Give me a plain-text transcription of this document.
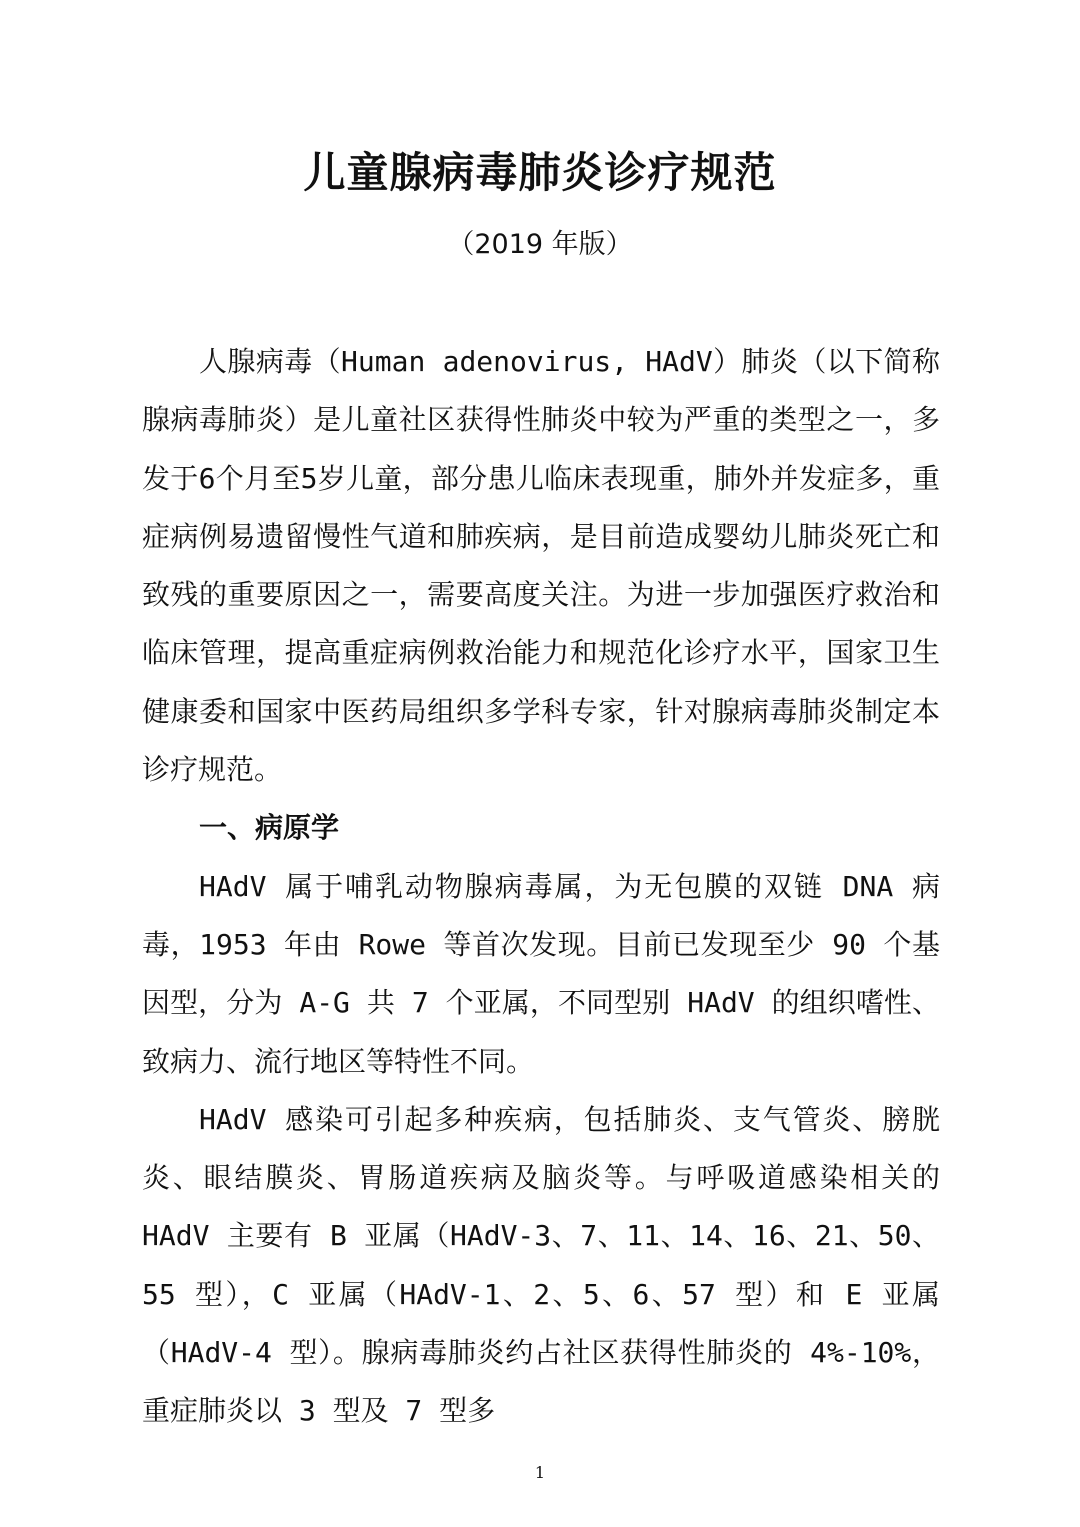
儿童腺病毒肺炎诊疗规范
（2019 年版）

人腺病毒（Human adenovirus, HAdV）肺炎（以下简称腺病毒肺炎）是儿童社区获得性肺炎中较为严重的类型之一，多发于6个月至5岁儿童，部分患儿临床表现重，肺外并发症多，重症病例易遗留慢性气道和肺疾病，是目前造成婴幼儿肺炎死亡和致残的重要原因之一，需要高度关注。为进一步加强医疗救治和临床管理，提高重症病例救治能力和规范化诊疗水平，国家卫生健康委和国家中医药局组织多学科专家，针对腺病毒肺炎制定本诊疗规范。

一、病原学

HAdV 属于哺乳动物腺病毒属，为无包膜的双链 DNA 病毒，1953 年由 Rowe 等首次发现。目前已发现至少 90 个基因型，分为 A-G 共 7 个亚属，不同型别 HAdV 的组织嗜性、致病力、流行地区等特性不同。

HAdV 感染可引起多种疾病，包括肺炎、支气管炎、膀胱炎、眼结膜炎、胃肠道疾病及脑炎等。与呼吸道感染相关的 HAdV 主要有 B 亚属（HAdV-3、7、11、14、16、21、50、55 型），C 亚属（HAdV-1、2、5、6、57 型）和 E 亚属（HAdV-4 型）。腺病毒肺炎约占社区获得性肺炎的 4%-10%，重症肺炎以 3 型及 7 型多

1
